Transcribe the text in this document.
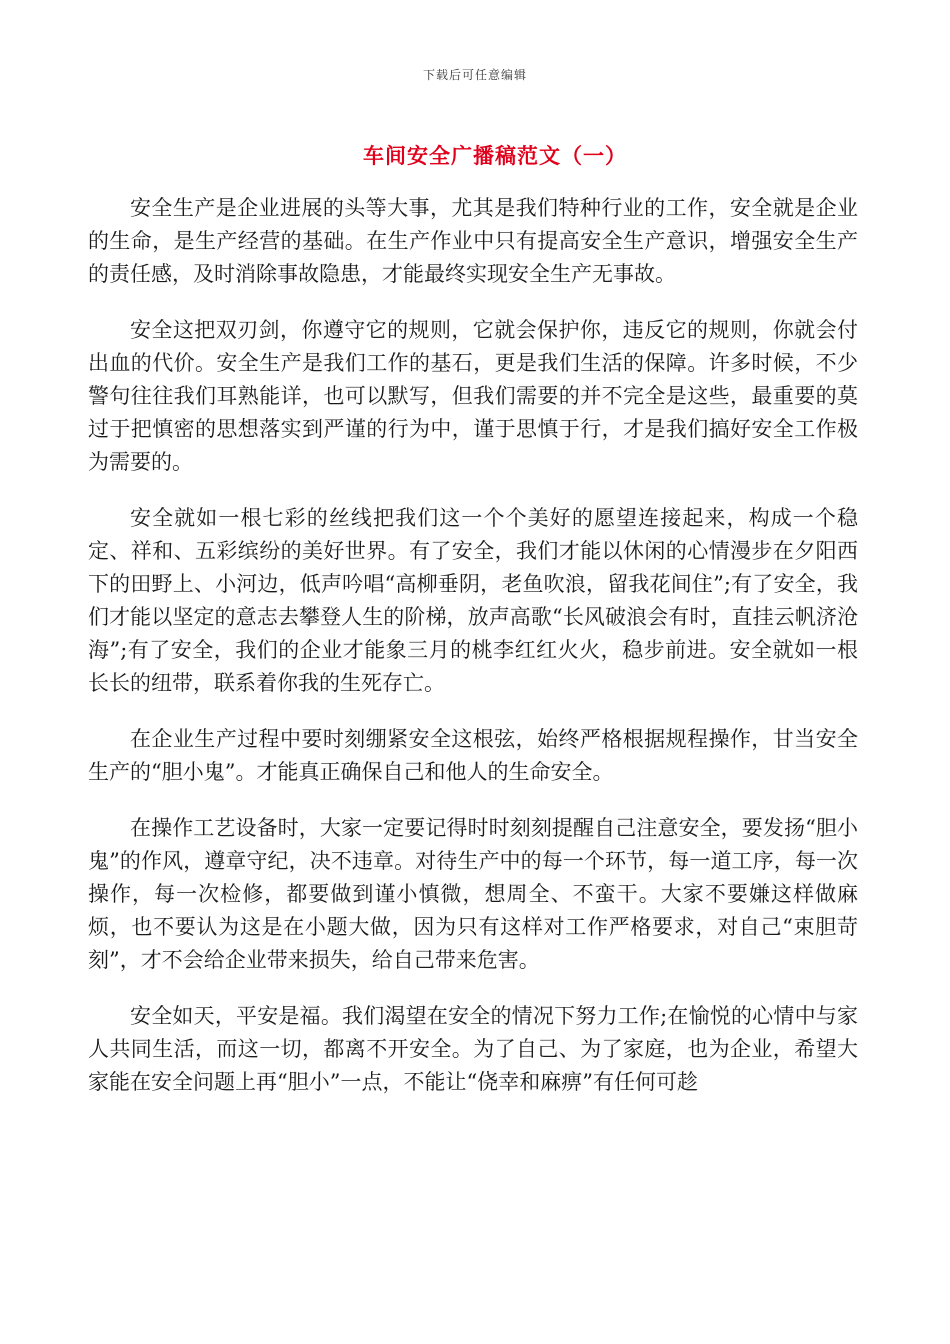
下载后可任意编辑
车间安全广播稿范文（一）

安全生产是企业进展的头等大事，尤其是我们特种行业的工作，安全就是企业的生命，是生产经营的基础。在生产作业中只有提高安全生产意识，增强安全生产的责任感，及时消除事故隐患，才能最终实现安全生产无事故。

安全这把双刃剑，你遵守它的规则，它就会保护你，违反它的规则，你就会付出血的代价。安全生产是我们工作的基石，更是我们生活的保障。许多时候，不少警句往往我们耳熟能详，也可以默写，但我们需要的并不完全是这些，最重要的莫过于把慎密的思想落实到严谨的行为中，谨于思慎于行，才是我们搞好安全工作极为需要的。

安全就如一根七彩的丝线把我们这一个个美好的愿望连接起来，构成一个稳定、祥和、五彩缤纷的美好世界。有了安全，我们才能以休闲的心情漫步在夕阳西下的田野上、小河边，低声吟唱“高柳垂阴，老鱼吹浪，留我花间住”;有了安全，我们才能以坚定的意志去攀登人生的阶梯，放声高歌“长风破浪会有时，直挂云帆济沧海”;有了安全，我们的企业才能象三月的桃李红红火火，稳步前进。安全就如一根长长的纽带，联系着你我的生死存亡。

在企业生产过程中要时刻绷紧安全这根弦，始终严格根据规程操作，甘当安全生产的“胆小鬼”。才能真正确保自己和他人的生命安全。

在操作工艺设备时，大家一定要记得时时刻刻提醒自己注意安全，要发扬“胆小鬼”的作风，遵章守纪，决不违章。对待生产中的每一个环节，每一道工序，每一次操作，每一次检修，都要做到谨小慎微，想周全、不蛮干。大家不要嫌这样做麻烦，也不要认为这是在小题大做，因为只有这样对工作严格要求，对自己“束胆苛刻”，才不会给企业带来损失，给自己带来危害。

安全如天，平安是福。我们渴望在安全的情况下努力工作;在愉悦的心情中与家人共同生活，而这一切，都离不开安全。为了自己、为了家庭，也为企业，希望大家能在安全问题上再“胆小”一点，不能让“侥幸和麻痹”有任何可趁
